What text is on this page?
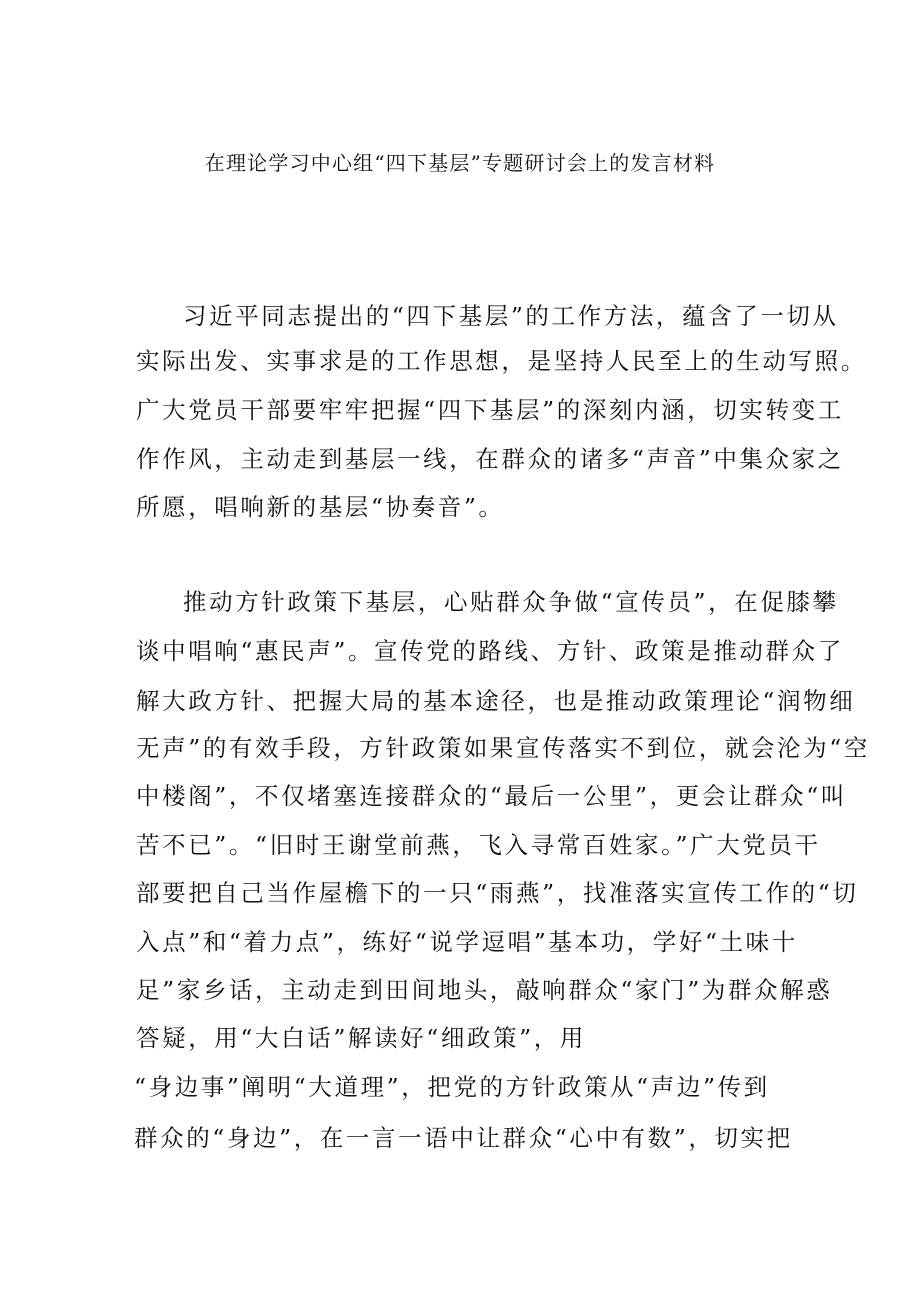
在理论学习中心组“四下基层”专题研讨会上的发言材料
习近平同志提出的“四下基层”的工作方法，蕴含了一切从
实际出发、实事求是的工作思想，是坚持人民至上的生动写照。
广大党员干部要牢牢把握“四下基层”的深刻内涵，切实转变工
作作风，主动走到基层一线，在群众的诸多“声音”中集众家之
所愿，唱响新的基层“协奏音”。
推动方针政策下基层，心贴群众争做“宣传员”，在促膝攀
谈中唱响“惠民声”。宣传党的路线、方针、政策是推动群众了
解大政方针、把握大局的基本途径，也是推动政策理论“润物细
无声”的有效手段，方针政策如果宣传落实不到位，就会沦为“空
中楼阁”，不仅堵塞连接群众的“最后一公里”，更会让群众“叫
苦不已”。“旧时王谢堂前燕，飞入寻常百姓家。”广大党员干
部要把自己当作屋檐下的一只“雨燕”，找准落实宣传工作的“切
入点”和“着力点”，练好“说学逗唱”基本功，学好“土味十
足”家乡话，主动走到田间地头，敲响群众“家门”为群众解惑
答疑，用“大白话”解读好“细政策”，用
“身边事”阐明“大道理”，把党的方针政策从“声边”传到
群众的“身边”，在一言一语中让群众“心中有数”，切实把
